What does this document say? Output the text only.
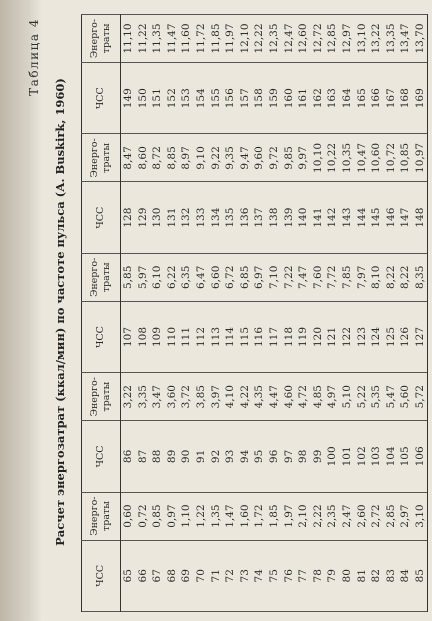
Таблица 4
Расчет энергозатрат (ккал/мин) по частоте пульса (А. Buskirk, 1960)
ЧСС	Энерго-траты	ЧСС	Энерго-траты	ЧСС	Энерго-траты	ЧСС	Энерго-траты	ЧСС	Энерго-траты
65	0,60	86	3,22	107	5,85	128	8,47	149	11,10
66	0,72	87	3,35	108	5,97	129	8,60	150	11,22
67	0,85	88	3,47	109	6,10	130	8,72	151	11,35
68	0,97	89	3,60	110	6,22	131	8,85	152	11,47
69	1,10	90	3,72	111	6,35	132	8,97	153	11,60
70	1,22	91	3,85	112	6,47	133	9,10	154	11,72
71	1,35	92	3,97	113	6,60	134	9,22	155	11,85
72	1,47	93	4,10	114	6,72	135	9,35	156	11,97
73	1,60	94	4,22	115	6,85	136	9,47	157	12,10
74	1,72	95	4,35	116	6,97	137	9,60	158	12,22
75	1,85	96	4,47	117	7,10	138	9,72	159	12,35
76	1,97	97	4,60	118	7,22	139	9,85	160	12,47
77	2,10	98	4,72	119	7,47	140	9,97	161	12,60
78	2,22	99	4,85	120	7,60	141	10,10	162	12,72
79	2,35	100	4,97	121	7,72	142	10,22	163	12,85
80	2,47	101	5,10	122	7,85	143	10,35	164	12,97
81	2,60	102	5,22	123	7,97	144	10,47	165	13,10
82	2,72	103	5,35	124	8,10	145	10,60	166	13,22
83	2,85	104	5,47	125	8,22	146	10,72	167	13,35
84	2,97	105	5,60	126	8,22	147	10,85	168	13,47
85	3,10	106	5,72	127	8,35	148	10,97	169	13,70
